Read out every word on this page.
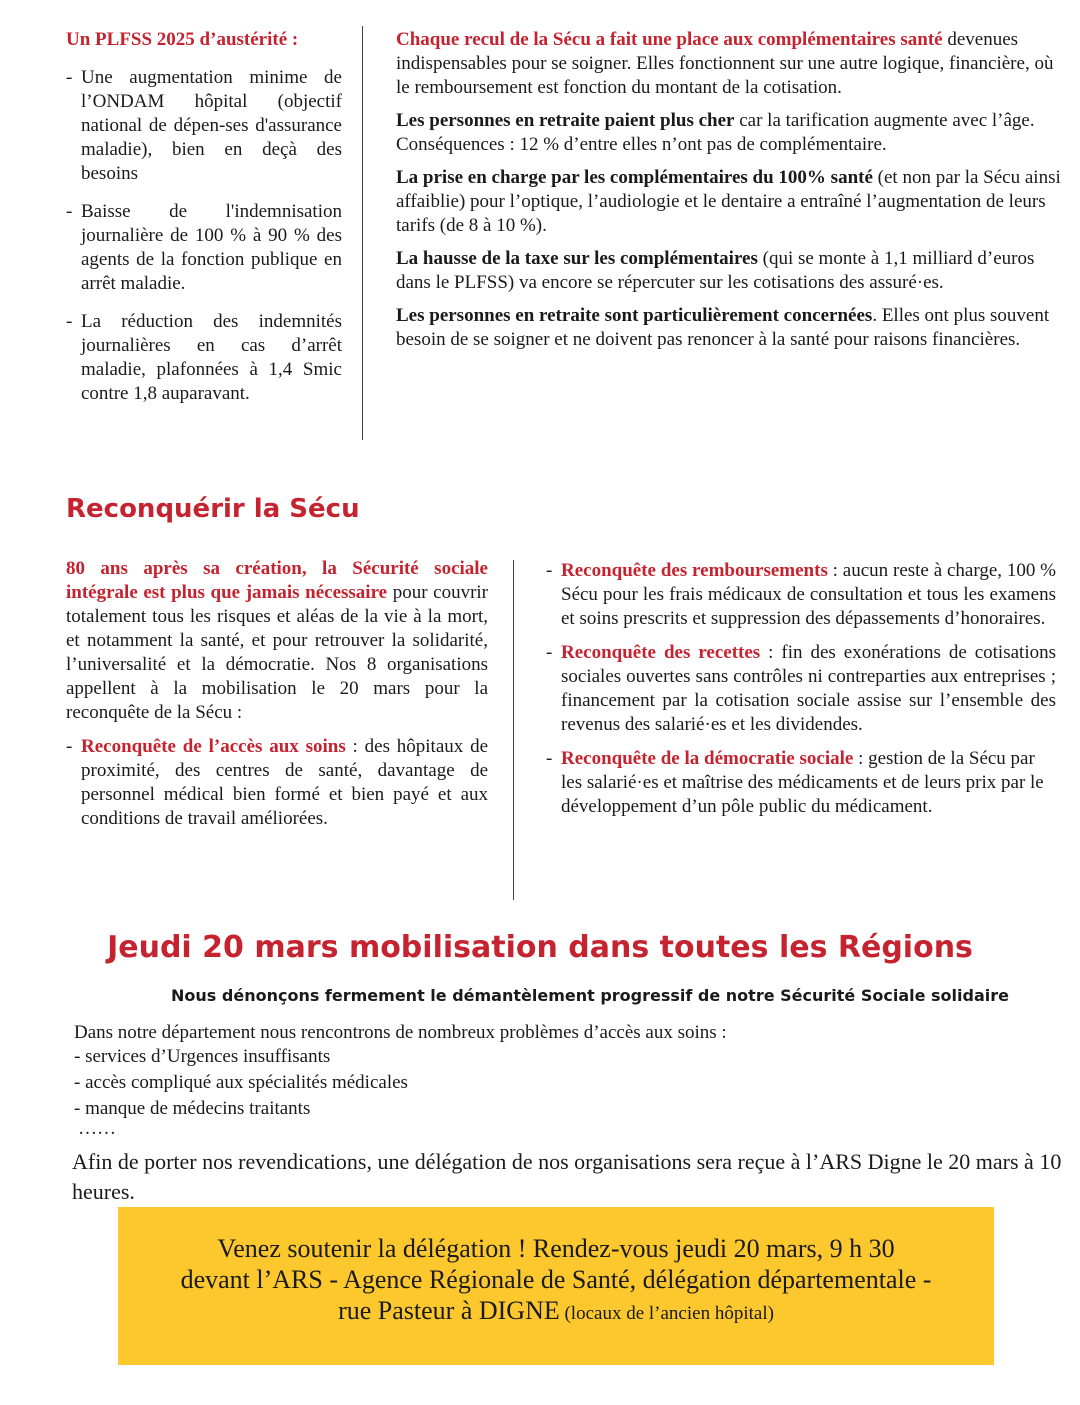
Un PLFSS 2025 d’austérité :
- Une augmentation minime de l’ONDAM hôpital (objectif national de dépen-ses d'assurance maladie), bien en deçà des besoins
- Baisse de l'indemnisation journalière de 100 % à 90 % des agents de la fonction publique en arrêt maladie.
- La réduction des indemnités journalières en cas d’arrêt maladie, plafonnées à 1,4 Smic contre 1,8 auparavant.

Chaque recul de la Sécu a fait une place aux complémentaires santé devenues indispensables pour se soigner. Elles fonctionnent sur une autre logique, financière, où le remboursement est fonction du montant de la cotisation.

Les personnes en retraite paient plus cher car la tarification augmente avec l’âge. Conséquences : 12 % d’entre elles n’ont pas de complémentaire.

La prise en charge par les complémentaires du 100% santé (et non par la Sécu ainsi affaiblie) pour l’optique, l’audiologie et le dentaire a entraîné l’augmentation de leurs tarifs (de 8 à 10 %).

La hausse de la taxe sur les complémentaires (qui se monte à 1,1 milliard d’euros dans le PLFSS) va encore se répercuter sur les cotisations des assuré·es.

Les personnes en retraite sont particulièrement concernées. Elles ont plus souvent besoin de se soigner et ne doivent pas renoncer à la santé pour raisons financières.

Reconquérir la Sécu

80 ans après sa création, la Sécurité sociale intégrale est plus que jamais nécessaire pour couvrir totalement tous les risques et aléas de la vie à la mort, et notamment la santé, et pour retrouver la solidarité, l’universalité et la démocratie. Nos 8 organisations appellent à la mobilisation le 20 mars pour la reconquête de la Sécu :

- Reconquête de l’accès aux soins : des hôpitaux de proximité, des centres de santé, davantage de personnel médical bien formé et bien payé et aux conditions de travail améliorées.
- Reconquête des remboursements : aucun reste à charge, 100 % Sécu pour les frais médicaux de consultation et tous les examens et soins prescrits et suppression des dépassements d’honoraires.
- Reconquête des recettes : fin des exonérations de cotisations sociales ouvertes sans contrôles ni contreparties aux entreprises ; financement par la cotisation sociale assise sur l’ensemble des revenus des salarié·es et les dividendes.
- Reconquête de la démocratie sociale : gestion de la Sécu par les salarié·es et maîtrise des médicaments et de leurs prix par le développement d’un pôle public du médicament.
Jeudi 20 mars mobilisation dans toutes les Régions
Nous dénonçons fermement le démantèlement progressif de notre Sécurité Sociale solidaire
Dans notre département nous rencontrons de nombreux problèmes d’accès aux soins :
- services d’Urgences insuffisants
- accès compliqué aux spécialités médicales
- manque de médecins traitants
……
Afin de porter nos revendications, une délégation de nos organisations sera reçue à l’ARS Digne le 20 mars à 10 heures.
Venez soutenir la délégation ! Rendez-vous jeudi 20 mars, 9 h 30
devant l’ARS - Agence Régionale de Santé, délégation départementale -
rue Pasteur à DIGNE (locaux de l’ancien hôpital)
